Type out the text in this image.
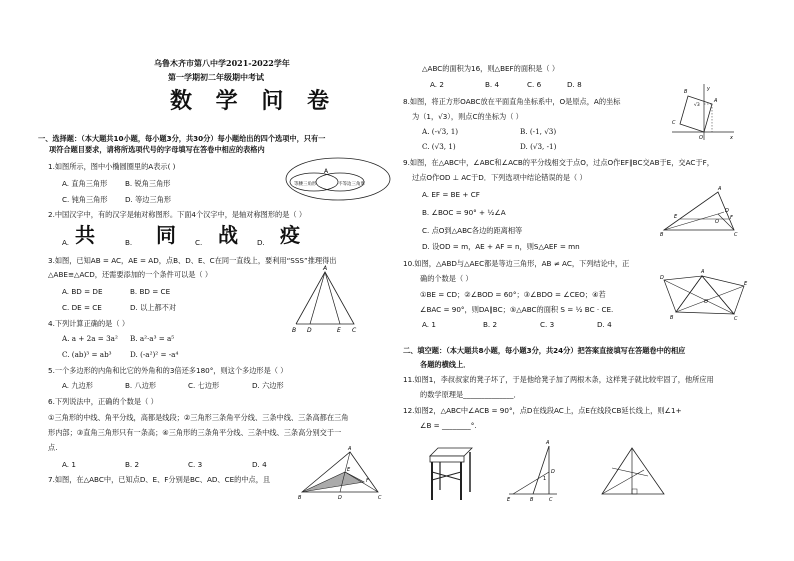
乌鲁木齐市第八中学2021-2022学年
第一学期初二年级期中考试
数 学 问 卷
一、选择题：（本大题共10小题，每小题3分，共30分）每小题给出的四个选项中，只有一
项符合题目要求，请将所选项代号的字母填写在答卷中相应的表格内
1.如图所示，图中小椭圆圈里的A表示( )
A. 直角三角形 B. 锐角三角形
C. 钝角三角形 D. 等边三角形
A
等腰三角形	不等边三角形
2.中国汉字中，有的汉字是轴对称图形。下面4个汉字中，是轴对称图形的是（ ）
A. 共	B. 同	C. 战	D. 疫
3.如图，已知AB = AC，AE = AD，点B、D、E、C在同一直线上，要利用“SSS”推理得出
△ABE≌△ACD，还需要添加的一个条件可以是（ ）
A. BD = DE	B. BD = CE
C. DE = CE	D. 以上都不对
A
B D	E C
4.下列计算正确的是（ ）
A. a + 2a = 3a² B. a²·a³ = a⁵
C. (ab)³ = ab³	D. (-a²)² = -a⁴
5.一个多边形的内角和比它的外角和的3倍还多180°，则这个多边形是（ ）
A. 九边形	B. 八边形	C. 七边形	D. 六边形
6.下列说法中，正确的个数是（ ）
①三角形的中线、角平分线，高都是线段；②三角形三条角平分线、三条中线、三条高都在三角
形内部；③直角三角形只有一条高；④三角形的三条角平分线、三条中线、三条高分别交于一
点.
A. 1	B. 2	C. 3	D. 4
7.如图，在△ABC中，已知点D、E、F分别是BC、AD、CE的中点，且
A
B	C
D
E
F
△ABC的面积为16，则△BEF的面积是（ ）
A. 2	B. 4	C. 6	D. 8
8.如图，将正方形OABC放在平面直角坐标系中，O是原点，A的坐标
为（1，√3），则点C的坐标为（ ）
A. (-√3, 1)	B. (-1, √3)
C. (√3, 1)	D. (√3, -1)
y
x
A
B
C
O
√3
9.如图，在△ABC中，∠ABC和∠ACB的平分线相交于点O，过点O作EF∥BC交AB于E，交AC于F，
过点O作OD ⊥ AC于D．下列选项中结论错误的是（ ）
A. EF = BE + CF
B. ∠BOC = 90° + ½∠A
C. 点O到△ABC各边的距离相等
D. 设OD = m，AE + AF = n，则S△AEF = mn
A
E	F
O
D
B	C
10.如图，△ABD与△AEC都是等边三角形，AB ≠ AC，下列结论中，正
确的个数是（ ）
①BE = CD；②∠BOD = 60°；③∠BDO = ∠CEO；④若
∠BAC = 90°，则DA∥BC；⑤△ABC的面积 S = ½ BC · CE.
A. 1	B. 2	C. 3	D. 4
A
B	C
D
E
O
二、填空题：（本大题共8小题，每小题3分，共24分）把答案直接填写在答题卷中的相应
各题的横线上．
11.如图1，李叔叔家的凳子坏了，于是他给凳子加了两根木条，这样凳子就比较牢固了，他所应用
的数学原理是______________．
12.如图2，△ABC中∠ACB = 90°，点D在线段AC上，点E在线段CB延长线上，则∠1+
∠B = ________°.
A
D
E	B	C
1
